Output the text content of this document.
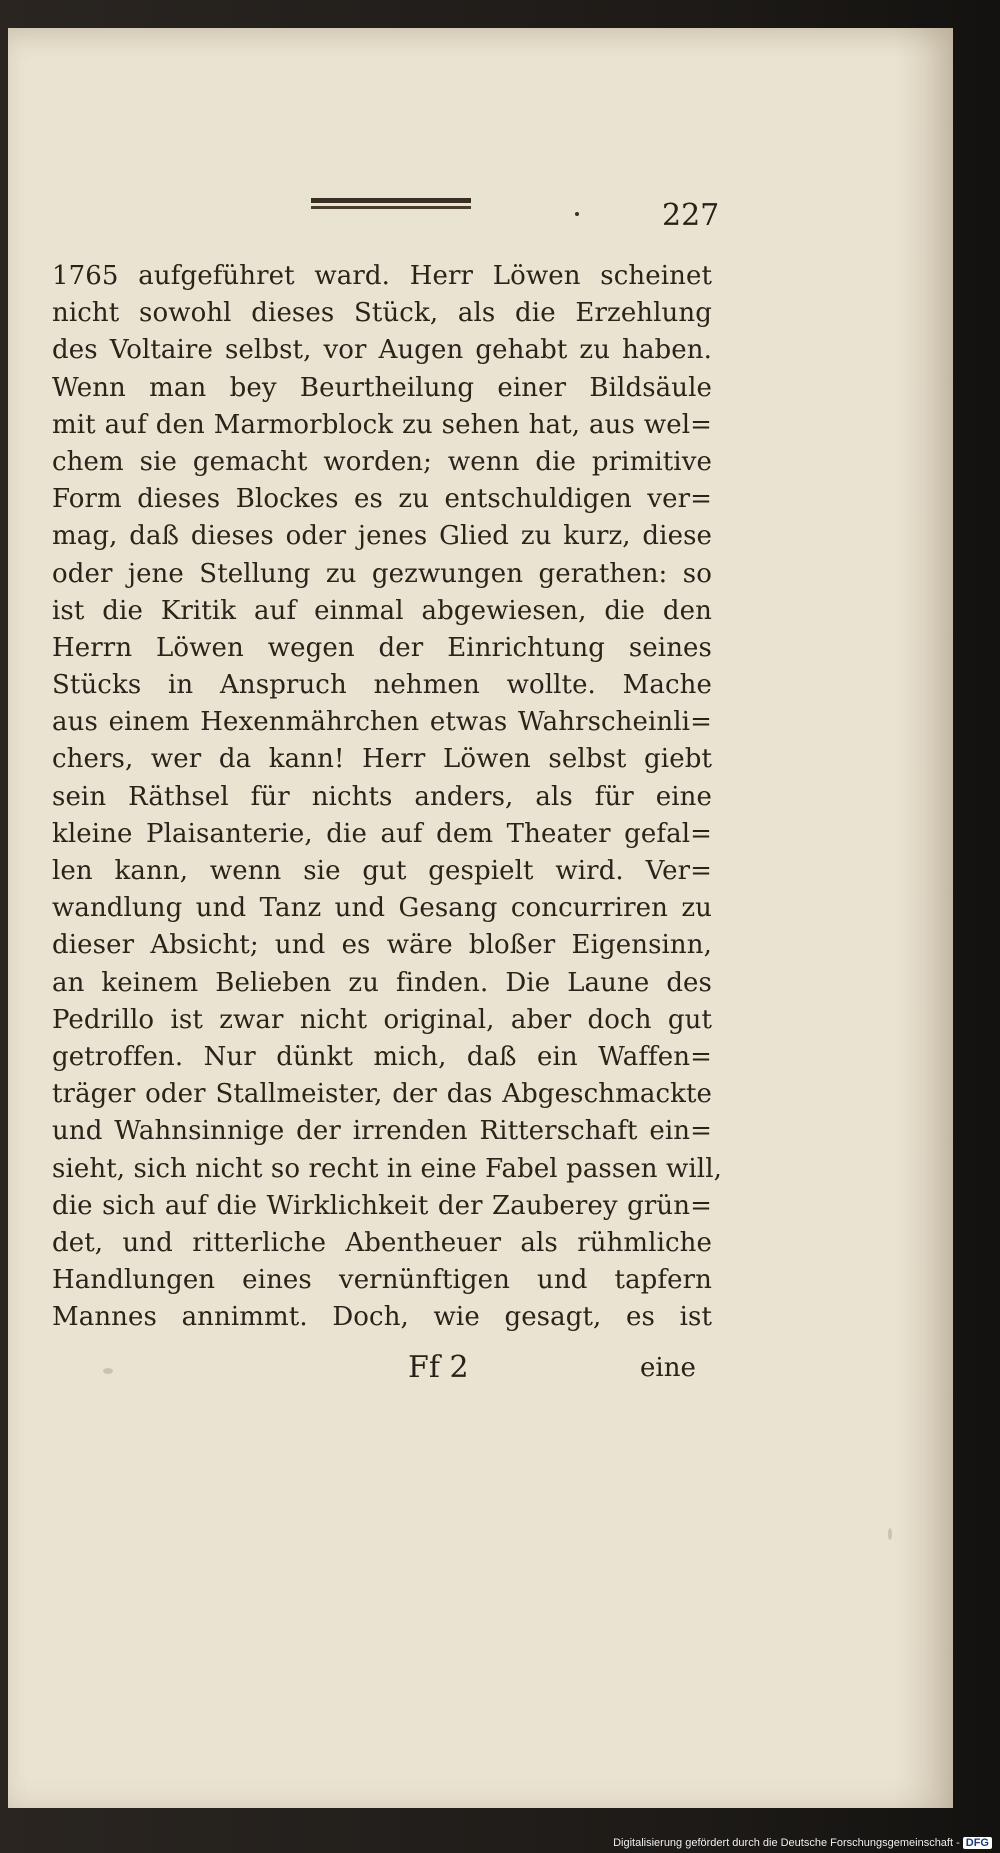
227
1765 aufgeführet ward. Herr Löwen scheinet
nicht sowohl dieses Stück, als die Erzehlung
des Voltaire selbst, vor Augen gehabt zu haben.
Wenn man bey Beurtheilung einer Bildsäule
mit auf den Marmorblock zu sehen hat, aus wel=
chem sie gemacht worden; wenn die primitive
Form dieses Blockes es zu entschuldigen ver=
mag, daß dieses oder jenes Glied zu kurz, diese
oder jene Stellung zu gezwungen gerathen: so
ist die Kritik auf einmal abgewiesen, die den
Herrn Löwen wegen der Einrichtung seines
Stücks in Anspruch nehmen wollte. Mache
aus einem Hexenmährchen etwas Wahrscheinli=
chers, wer da kann! Herr Löwen selbst giebt
sein Räthsel für nichts anders, als für eine
kleine Plaisanterie, die auf dem Theater gefal=
len kann, wenn sie gut gespielt wird. Ver=
wandlung und Tanz und Gesang concurriren zu
dieser Absicht; und es wäre bloßer Eigensinn,
an keinem Belieben zu finden. Die Laune des
Pedrillo ist zwar nicht original, aber doch gut
getroffen. Nur dünkt mich, daß ein Waffen=
träger oder Stallmeister, der das Abgeschmackte
und Wahnsinnige der irrenden Ritterschaft ein=
sieht, sich nicht so recht in eine Fabel passen will,
die sich auf die Wirklichkeit der Zauberey grün=
det, und ritterliche Abentheuer als rühmliche
Handlungen eines vernünftigen und tapfern
Mannes annimmt. Doch, wie gesagt, es ist
Ff 2	eine
Digitalisierung gefördert durch die Deutsche Forschungsgemeinschaft - DFG
